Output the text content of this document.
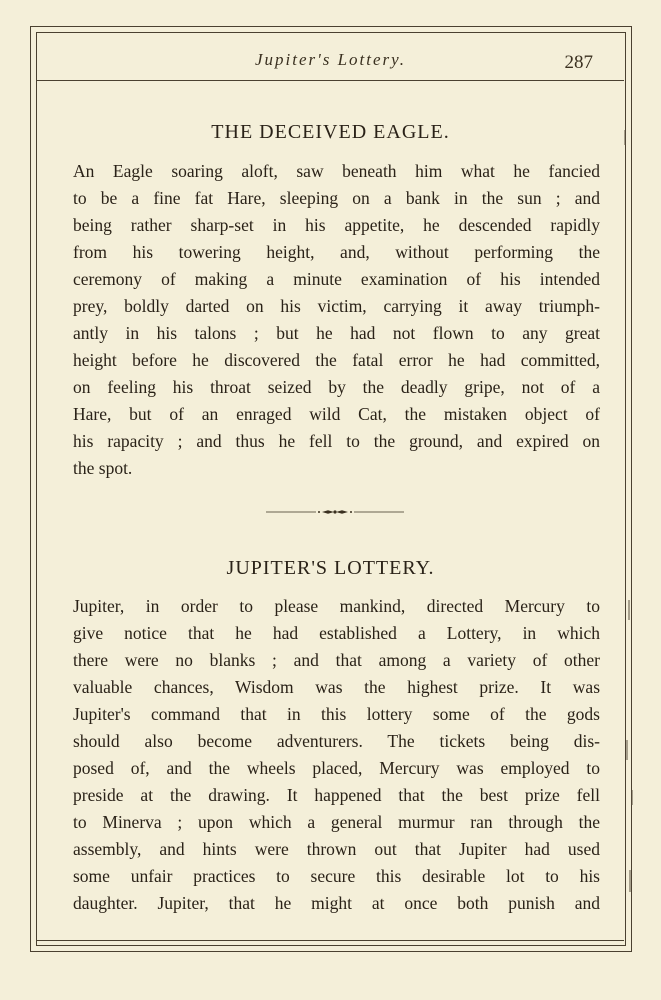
Jupiter's Lottery.	287
THE DECEIVED EAGLE.
An Eagle soaring aloft, saw beneath him what he fancied
to be a fine fat Hare, sleeping on a bank in the sun ; and
being rather sharp-set in his appetite, he descended rapidly
from his towering height, and, without performing the
ceremony of making a minute examination of his intended
prey, boldly darted on his victim, carrying it away triumph-
antly in his talons ; but he had not flown to any great
height before he discovered the fatal error he had committed,
on feeling his throat seized by the deadly gripe, not of a
Hare, but of an enraged wild Cat, the mistaken object of
his rapacity ; and thus he fell to the ground, and expired on
the spot.
JUPITER'S LOTTERY.
Jupiter, in order to please mankind, directed Mercury to
give notice that he had established a Lottery, in which
there were no blanks ; and that among a variety of other
valuable chances, Wisdom was the highest prize. It was
Jupiter's command that in this lottery some of the gods
should also become adventurers. The tickets being dis-
posed of, and the wheels placed, Mercury was employed to
preside at the drawing. It happened that the best prize fell
to Minerva ; upon which a general murmur ran through the
assembly, and hints were thrown out that Jupiter had used
some unfair practices to secure this desirable lot to his
daughter. Jupiter, that he might at once both punish and
